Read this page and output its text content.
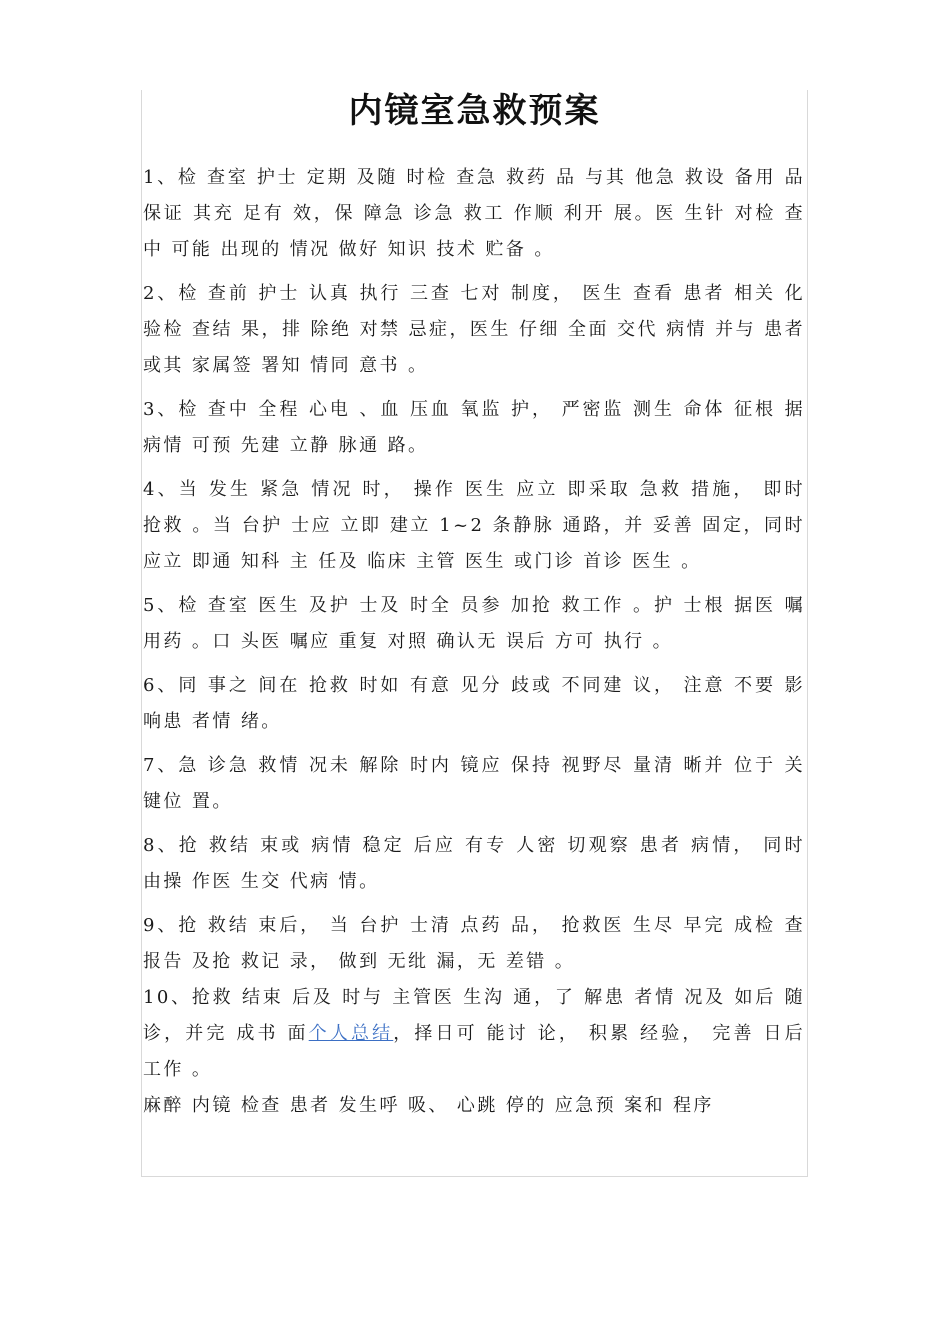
内镜室急救预案

1、检 查室 护士 定期 及随 时检 查急 救药 品 与其 他急 救设 备用 品 保证 其充 足有 效，保 障急 诊急 救工 作顺 利开 展。医 生针 对检 查中 可能 出现的 情况 做好 知识 技术 贮备 。

2、检 查前 护士 认真 执行 三查 七对 制度， 医生 查看 患者 相关 化验检 查结 果，排 除绝 对禁 忌症，医生 仔细 全面 交代 病情 并与 患者 或其 家属签 署知 情同 意书 。

3、检 查中 全程 心电 、血 压血 氧监 护， 严密监 测生 命体 征根 据病情 可预 先建 立静 脉通 路。

4、当 发生 紧急 情况 时， 操作 医生 应立 即采取 急救 措施， 即时 抢救 。当 台护 士应 立即 建立 1~2 条静脉 通路，并 妥善 固定，同时 应立 即通 知科 主 任及 临床 主管 医生 或门诊 首诊 医生 。

5、检 查室 医生 及护 士及 时全 员参 加抢 救工作 。护 士根 据医 嘱用药 。口 头医 嘱应 重复 对照 确认无 误后 方可 执行 。

6、同 事之 间在 抢救 时如 有意 见分 歧或 不同建 议， 注意 不要 影响患 者情 绪。

7、急 诊急 救情 况未 解除 时内 镜应 保持 视野尽 量清 晰并 位于 关键位 置。

8、抢 救结 束或 病情 稳定 后应 有专 人密 切观察 患者 病情， 同时 由操 作医 生交 代病 情。

9、抢 救结 束后， 当 台护 士清 点药 品， 抢救医 生尽 早完 成检 查报告 及抢 救记 录， 做到 无纰 漏，无 差错 。

10、抢救 结束 后及 时与 主管医 生沟 通，了 解患 者情 况及 如后 随诊，并完 成书 面个人总结，择日可 能讨 论， 积累 经验， 完善 日后 工作 。

麻醉 内镜 检查 患者 发生呼 吸、 心跳 停的 应急预 案和 程序
